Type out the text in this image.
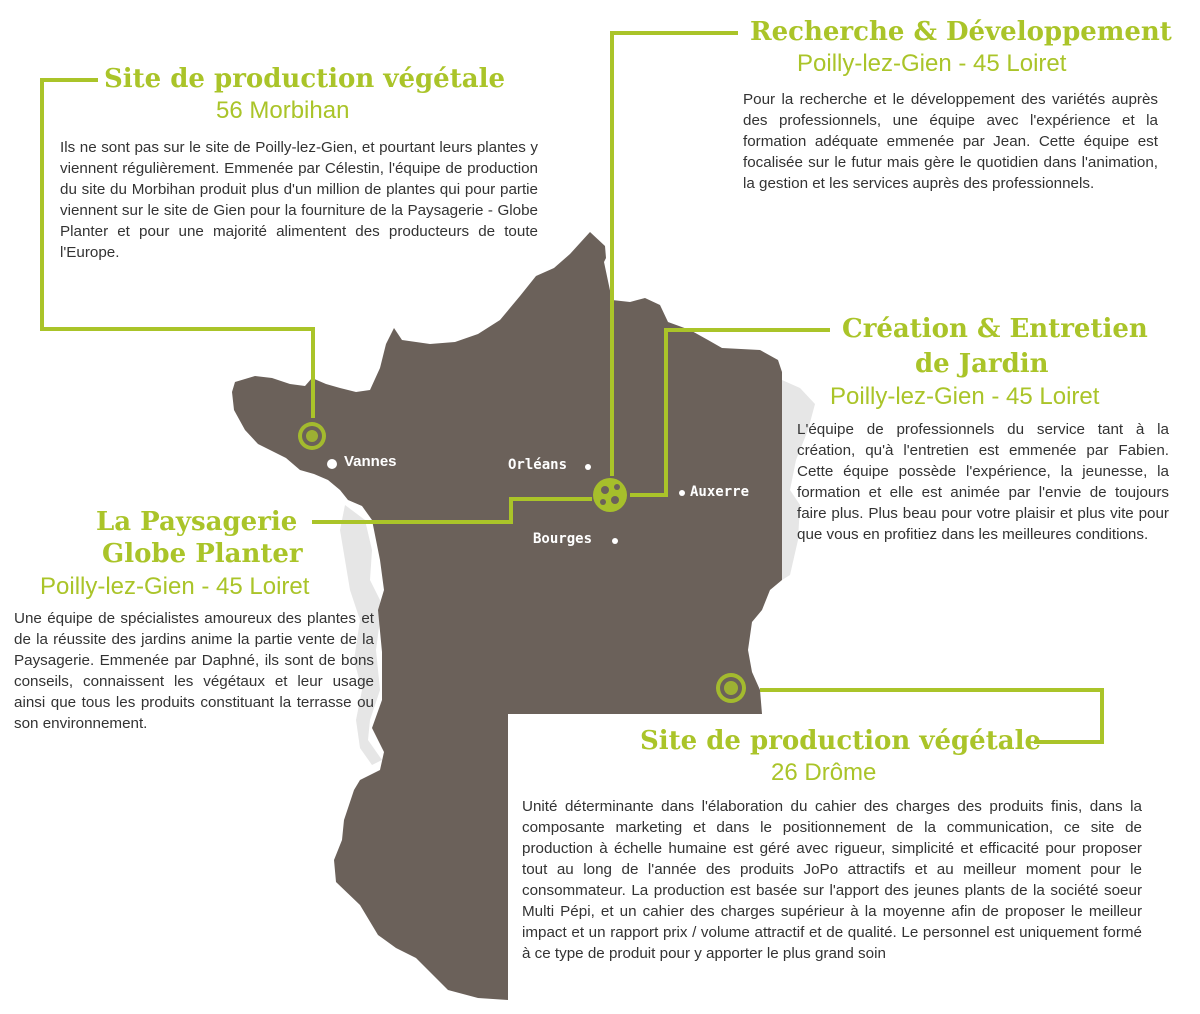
Vannes	Orléans
Auxerre
Bourges
Site de production végétale
56 Morbihan

Ils ne sont pas sur le site de Poilly-lez-Gien, et pourtant leurs plantes y viennent régulièrement. Emmenée par Célestin, l'équipe de production du site du Morbihan produit plus d'un million de plantes qui pour partie viennent sur le site de Gien pour la fourniture de la Paysagerie - Globe Planter et pour une majorité alimentent des producteurs de toute l'Europe.

Recherche & Développement
Poilly-lez-Gien - 45 Loiret

Pour la recherche et le développement des variétés auprès des professionnels, une équipe avec l'expérience et la formation adéquate emmenée par Jean. Cette équipe est focalisée sur le futur mais gère le quotidien dans l'animation, la gestion et les services auprès des professionnels.

Création & Entretien
de Jardin
Poilly-lez-Gien - 45 Loiret

L'équipe de professionnels du service tant à la création, qu'à l'entretien est emmenée par Fabien. Cette équipe possède l'expérience, la jeunesse, la formation et elle est animée par l'envie de toujours faire plus. Plus beau pour votre plaisir et plus vite pour que vous en profitiez dans les meilleures conditions.

La Paysagerie
Globe Planter
Poilly-lez-Gien - 45 Loiret

Une équipe de spécialistes amoureux des plantes et de la réussite des jardins anime la partie vente de la Paysagerie. Emmenée par Daphné, ils sont de bons conseils, connaissent les végétaux et leur usage ainsi que tous les produits constituant la terrasse ou son environnement.

Site de production végétale
26 Drôme

Unité déterminante dans l'élaboration du cahier des charges des produits finis, dans la composante marketing et dans le positionnement de la communication, ce site de production à échelle humaine est géré avec rigueur, simplicité et efficacité pour proposer tout au long de l'année des produits JoPo attractifs et au meilleur moment pour le consommateur. La production est basée sur l'apport des jeunes plants de la société soeur Multi Pépi, et un cahier des charges supérieur à la moyenne afin de proposer le meilleur impact et un rapport prix / volume attractif et de qualité. Le personnel est uniquement formé à ce type de produit pour y apporter le plus grand soin
